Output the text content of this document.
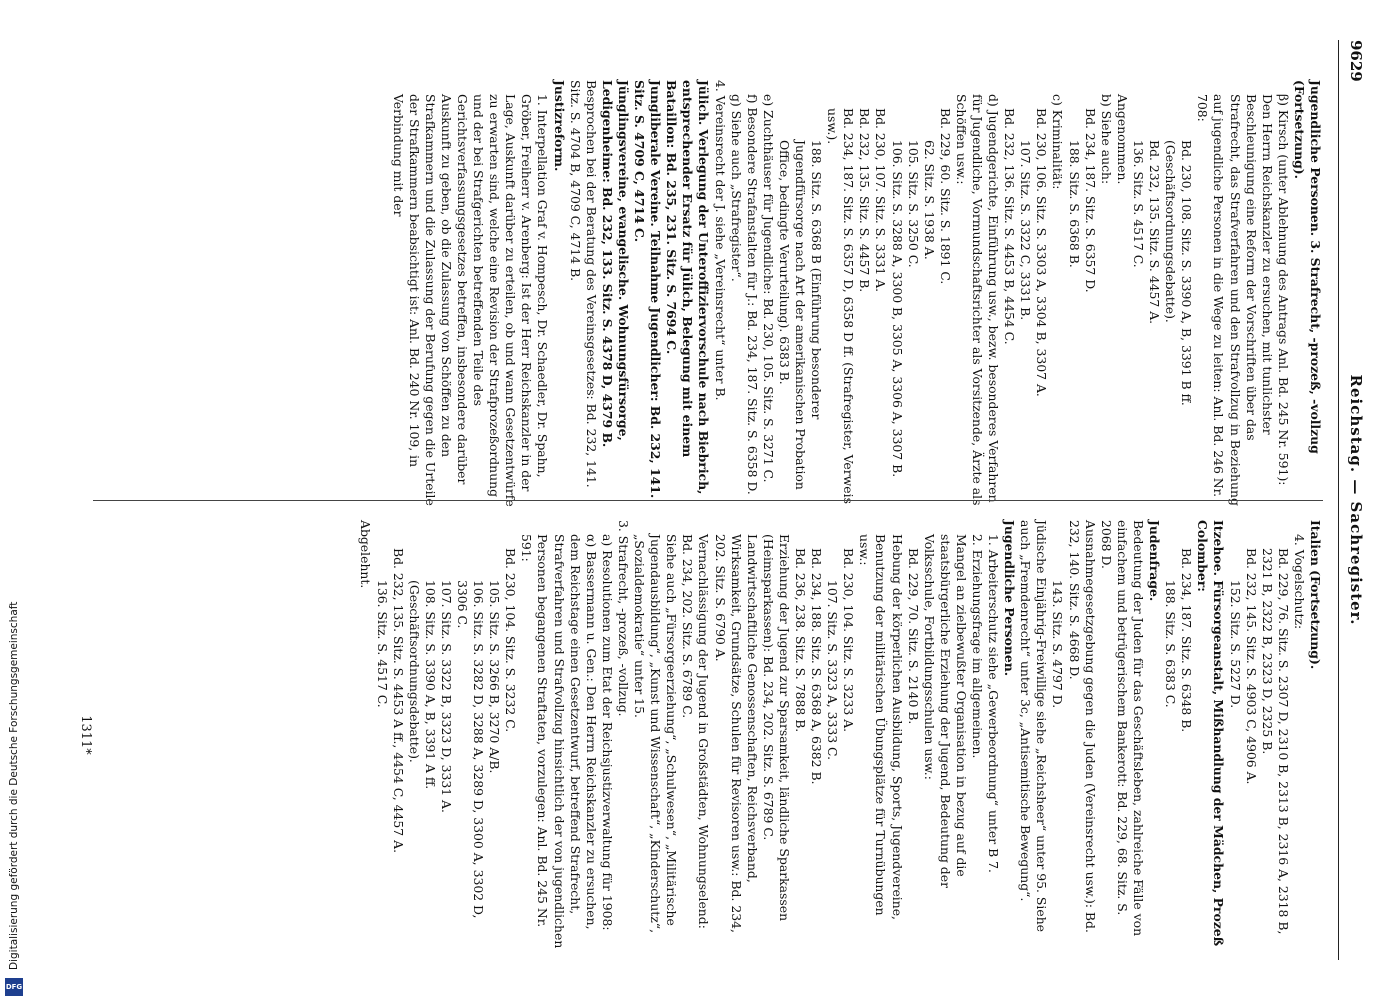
9629
Reichstag. — Sachregister.

Jugendliche Personen. 3. Strafrecht, -prozeß, -vollzug (Fortsetzung).

β) Kirsch (unter Ablehnung des Antrags Anl. Bd. 245 Nr. 591): Den Herrn Reichskanzler zu ersuchen, mit tunlichster Beschleunigung eine Reform der Vorschriften über das Strafrecht, das Strafverfahren und den Strafvollzug in Beziehung auf jugendliche Personen in die Wege zu leiten: Anl. Bd. 246 Nr. 708:

Bd. 230, 108. Sitz. S. 3390 A, B, 3391 B ff. (Geschäftsordnungsdebatte).

Bd. 232, 135. Sitz. S. 4457 A.

136. Sitz. S. 4517 C.

Angenommen.

b) Siehe auch:

Bd. 234, 187. Sitz. S. 6357 D.

188. Sitz. S. 6368 B.

c) Kriminalität:

Bd. 230, 106. Sitz. S. 3303 A, 3304 B, 3307 A.

107. Sitz. S. 3322 C, 3331 B.

Bd. 232, 136. Sitz. S. 4453 B, 4454 C.

d) Jugendgerichte, Einführung usw., bezw. besonderes Verfahren für Jugendliche, Vormundschaftsrichter als Vorsitzende, Ärzte als Schöffen usw.:

Bd. 229, 60. Sitz. S. 1891 C.

62. Sitz. S. 1938 A.

105. Sitz. S. 3250 C.

106. Sitz. S. 3288 A, 3300 B, 3305 A, 3306 A, 3307 B.

Bd. 230, 107. Sitz. S. 3331 A.

Bd. 232, 135. Sitz. S. 4457 B.

Bd. 234, 187. Sitz. S. 6357 D, 6358 D ff. (Strafregister, Verweis usw.).

188. Sitz. S. 6368 B (Einführung besonderer Jugendfürsorge nach Art der amerikanischen Probation Office, bedingte Verurteilung). 6383 B.

e) Zuchthäuser für Jugendliche: Bd. 230, 105. Sitz. S. 3271 C.

f) Besondere Strafanstalten für J.: Bd. 234, 187. Sitz. S. 6358 D.

g) Siehe auch „Strafregister“.

4. Vereinsrecht der J. siehe „Vereinsrecht“ unter B.

Jülich. Verlegung der Unteroffiziervorschule nach Biebrich, entsprechender Ersatz für Jülich, Belegung mit einem Bataillon: Bd. 235, 231. Sitz. S. 7694 C.

Jungliberale Vereine. Teilnahme Jugendlicher: Bd. 232, 141. Sitz. S. 4709 C, 4714 C.

Jünglingsvereine, evangelische. Wohnungsfürsorge, Ledigenheime: Bd. 232, 133. Sitz. S. 4378 D, 4379 B.

Besprochen bei der Beratung des Vereinsgesetzes: Bd. 232, 141. Sitz. S. 4704 B, 4709 C, 4714 B.

Justizreform.

1. Interpellation Graf v. Hompesch, Dr. Schaedler, Dr. Spahn, Gröber, Freiherr v. Arenberg: Ist der Herr Reichskanzler in der Lage, Auskunft darüber zu erteilen, ob und wann Gesetzentwürfe zu erwarten sind, welche eine Revision der Strafprozeßordnung und der bei Strafgerichten betreffenden Teile des Gerichtsverfassungsgesetzes betreffen, insbesondere darüber Auskunft zu geben, ob die Zulassung von Schöffen zu den Strafkammern und die Zulassung der Berufung gegen die Urteile der Strafkammern beabsichtigt ist: Anl. Bd. 240 Nr. 109, in Verbindung mit der

Italien (Fortsetzung).

4. Vogelschutz:

Bd. 229, 76. Sitz. S. 2307 D, 2310 B, 2313 B, 2316 A, 2318 B, 2321 B, 2322 B, 2323 D, 2325 B.

Bd. 232, 145. Sitz. S. 4903 C, 4906 A.

152. Sitz. S. 5227 D.

Itzehoe. Fürsorgeanstalt, Mißhandlung der Mädchen, Prozeß Colomber:

Bd. 234, 187. Sitz. S. 6348 B.

188. Sitz. S. 6383 C.

Judenfrage.

Bedeutung der Juden für das Geschäftsleben, zahlreiche Fälle von einfachem und betrügerischem Bankerott: Bd. 229, 68. Sitz. S. 2068 D.

Ausnahmegesetzgebung gegen die Juden (Vereinsrecht usw.): Bd. 232, 140. Sitz. S. 4668 D.

143. Sitz. S. 4797 D.

Jüdische Einjährig-Freiwillige siehe „Reichsheer“ unter 95. Siehe auch „Fremdenrecht“ unter 3c, „Antisemitische Bewegung“.

Jugendliche Personen.

1. Arbeiterschutz siehe „Gewerbeordnung“ unter B 7.

2. Erziehungsfrage im allgemeinen.

Mangel an zielbewußter Organisation in bezug auf die staatsbürgerliche Erziehung der Jugend, Bedeutung der Volksschule, Fortbildungsschulen usw.:

Bd. 229, 70. Sitz. S. 2140 B.

Hebung der körperlichen Ausbildung, Sports, Jugendvereine, Benutzung der militärischen Übungsplätze für Turnübungen usw.:

Bd. 230, 104. Sitz. S. 3233 A.

107. Sitz. S. 3323 A, 3333 C.

Bd. 234, 188. Sitz. S. 6368 A, 6382 B.

Bd. 236, 238. Sitz. S. 7888 B.

Erziehung der Jugend zur Sparsamkeit, ländliche Sparkassen (Heimsparkassen): Bd. 234, 202. Sitz. S. 6789 C.

Landwirtschaftliche Genossenschaften, Reichsverband, Wirksamkeit, Grundsätze, Schulen für Revisoren usw.: Bd. 234, 202. Sitz. S. 6790 A.

Vernachlässigung der Jugend in Großstädten, Wohnungselend: Bd. 234, 202. Sitz. S. 6789 C.

Siehe auch „Fürsorgeerziehung“, „Schulwesen“, „Militärische Jugendausbildung“, „Kunst und Wissenschaft“, „Kinderschutz“, „Sozialdemokratie“ unter 15.

3. Strafrecht, -prozeß, -vollzug.

a) Resolutionen zum Etat der Reichsjustizverwaltung für 1908:

α) Bassermann u. Gen.: Den Herrn Reichskanzler zu ersuchen, dem Reichstage einen Gesetzentwurf, betreffend Strafrecht, Strafverfahren und Strafvollzug hinsichtlich der von jugendlichen Personen begangenen Straftaten, vorzulegen: Anl. Bd. 245 Nr. 591:

Bd. 230, 104. Sitz. S. 3232 C.

105. Sitz. S. 3266 B, 3270 A/B.

106. Sitz. S. 3282 D, 3288 A, 3289 D, 3300 A, 3302 D, 3306 C.

107. Sitz. S. 3322 B, 3323 D, 3331 A.

108. Sitz. S. 3390 A, B, 3391 A ff. (Geschäftsordnungsdebatte).

Bd. 232, 135. Sitz. S. 4453 A ff., 4454 C, 4457 A.

136. Sitz. S. 4517 C.

Abgelehnt.

1311*
Digitalisierung gefördert durch die Deutsche Forschungsgemeinschaft
DFG
